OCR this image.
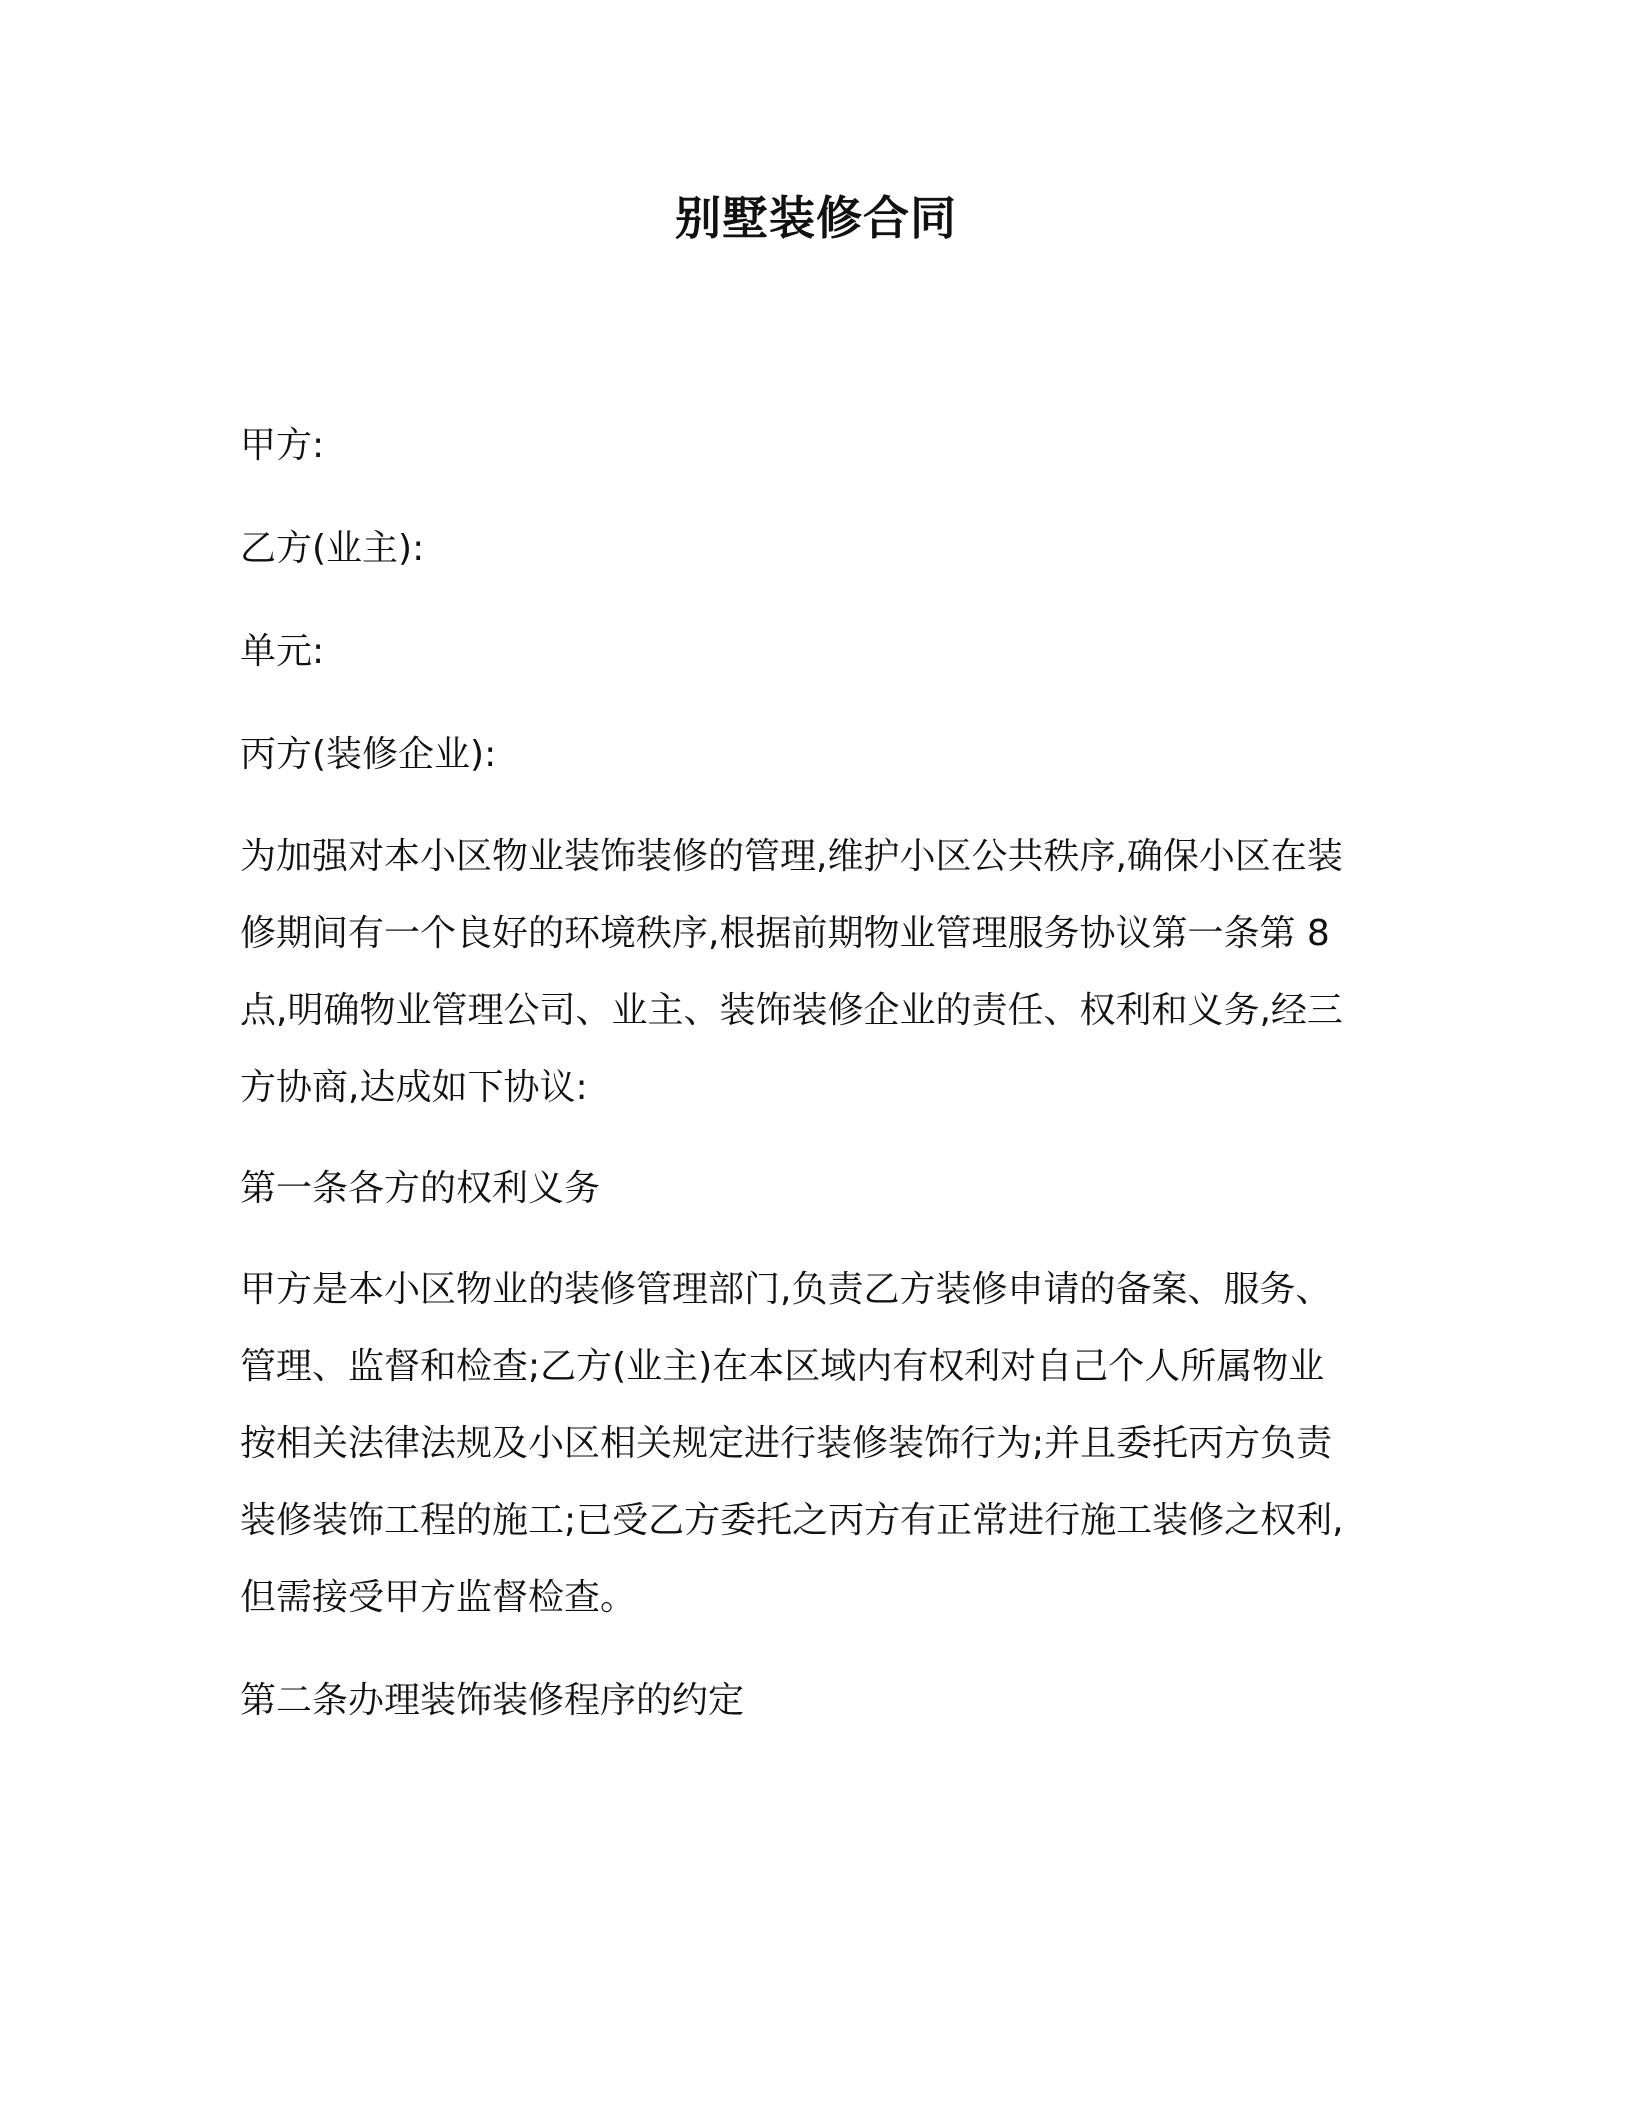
别墅装修合同
甲方:
乙方(业主):
单元:
丙方(装修企业):
为加强对本小区物业装饰装修的管理,维护小区公共秩序,确保小区在装
修期间有一个良好的环境秩序,根据前期物业管理服务协议第一条第 8
点,明确物业管理公司、业主、装饰装修企业的责任、权利和义务,经三
方协商,达成如下协议:
第一条各方的权利义务
甲方是本小区物业的装修管理部门,负责乙方装修申请的备案、服务、
管理、监督和检查;乙方(业主)在本区域内有权利对自己个人所属物业
按相关法律法规及小区相关规定进行装修装饰行为;并且委托丙方负责
装修装饰工程的施工;已受乙方委托之丙方有正常进行施工装修之权利,
但需接受甲方监督检查。
第二条办理装饰装修程序的约定
